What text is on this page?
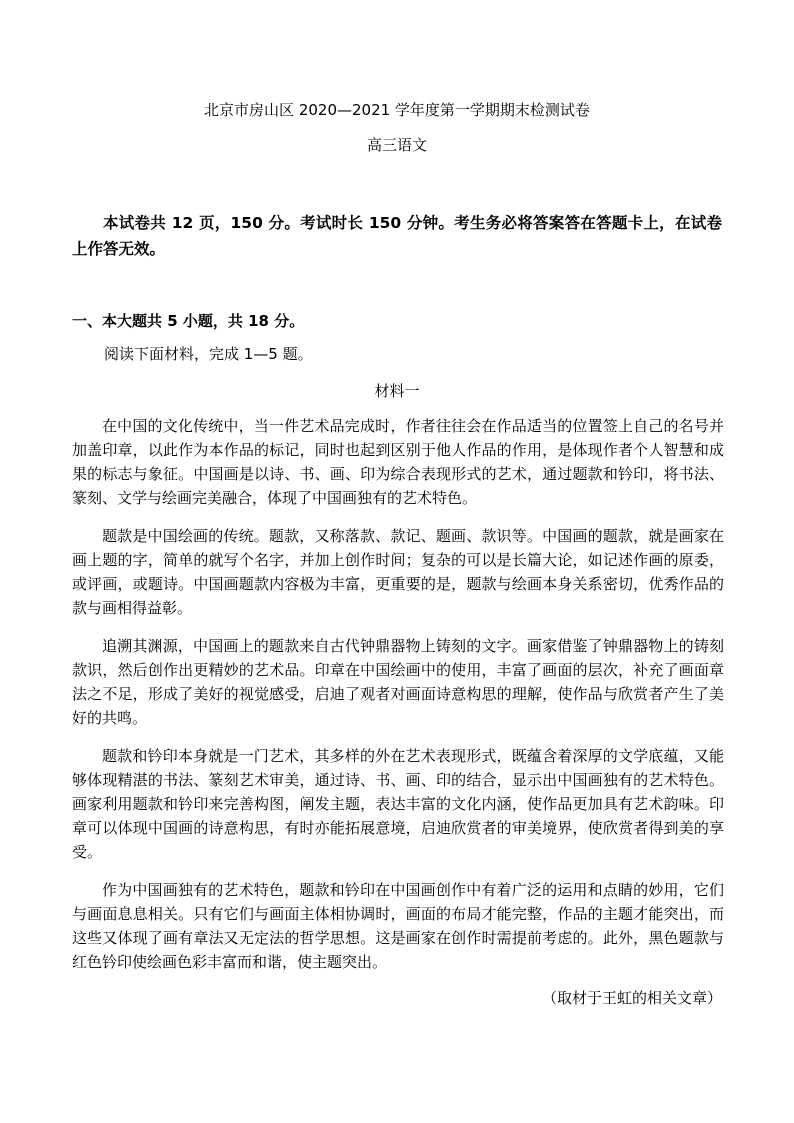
北京市房山区 2020—2021 学年度第一学期期末检测试卷
高三语文
本试卷共 12 页，150 分。考试时长 150 分钟。考生务必将答案答在答题卡上，在试卷上作答无效。
一、本大题共 5 小题，共 18 分。
阅读下面材料，完成 1—5 题。
材料一

在中国的文化传统中，当一件艺术品完成时，作者往往会在作品适当的位置签上自己的名号并加盖印章，以此作为本作品的标记，同时也起到区别于他人作品的作用，是体现作者个人智慧和成果的标志与象征。中国画是以诗、书、画、印为综合表现形式的艺术，通过题款和钤印，将书法、篆刻、文学与绘画完美融合，体现了中国画独有的艺术特色。

题款是中国绘画的传统。题款，又称落款、款记、题画、款识等。中国画的题款，就是画家在画上题的字，简单的就写个名字，并加上创作时间；复杂的可以是长篇大论，如记述作画的原委，或评画，或题诗。中国画题款内容极为丰富，更重要的是，题款与绘画本身关系密切，优秀作品的款与画相得益彰。

追溯其渊源，中国画上的题款来自古代钟鼎器物上铸刻的文字。画家借鉴了钟鼎器物上的铸刻款识，然后创作出更精妙的艺术品。印章在中国绘画中的使用，丰富了画面的层次，补充了画面章法之不足，形成了美好的视觉感受，启迪了观者对画面诗意构思的理解，使作品与欣赏者产生了美好的共鸣。

题款和钤印本身就是一门艺术，其多样的外在艺术表现形式，既蕴含着深厚的文学底蕴，又能够体现精湛的书法、篆刻艺术审美，通过诗、书、画、印的结合，显示出中国画独有的艺术特色。画家利用题款和钤印来完善构图，阐发主题，表达丰富的文化内涵，使作品更加具有艺术韵味。印章可以体现中国画的诗意构思，有时亦能拓展意境，启迪欣赏者的审美境界，使欣赏者得到美的享受。

作为中国画独有的艺术特色，题款和钤印在中国画创作中有着广泛的运用和点睛的妙用，它们与画面息息相关。只有它们与画面主体相协调时，画面的布局才能完整，作品的主题才能突出，而这些又体现了画有章法又无定法的哲学思想。这是画家在创作时需提前考虑的。此外，黑色题款与红色钤印使绘画色彩丰富而和谐，使主题突出。

（取材于王虹的相关文章）
